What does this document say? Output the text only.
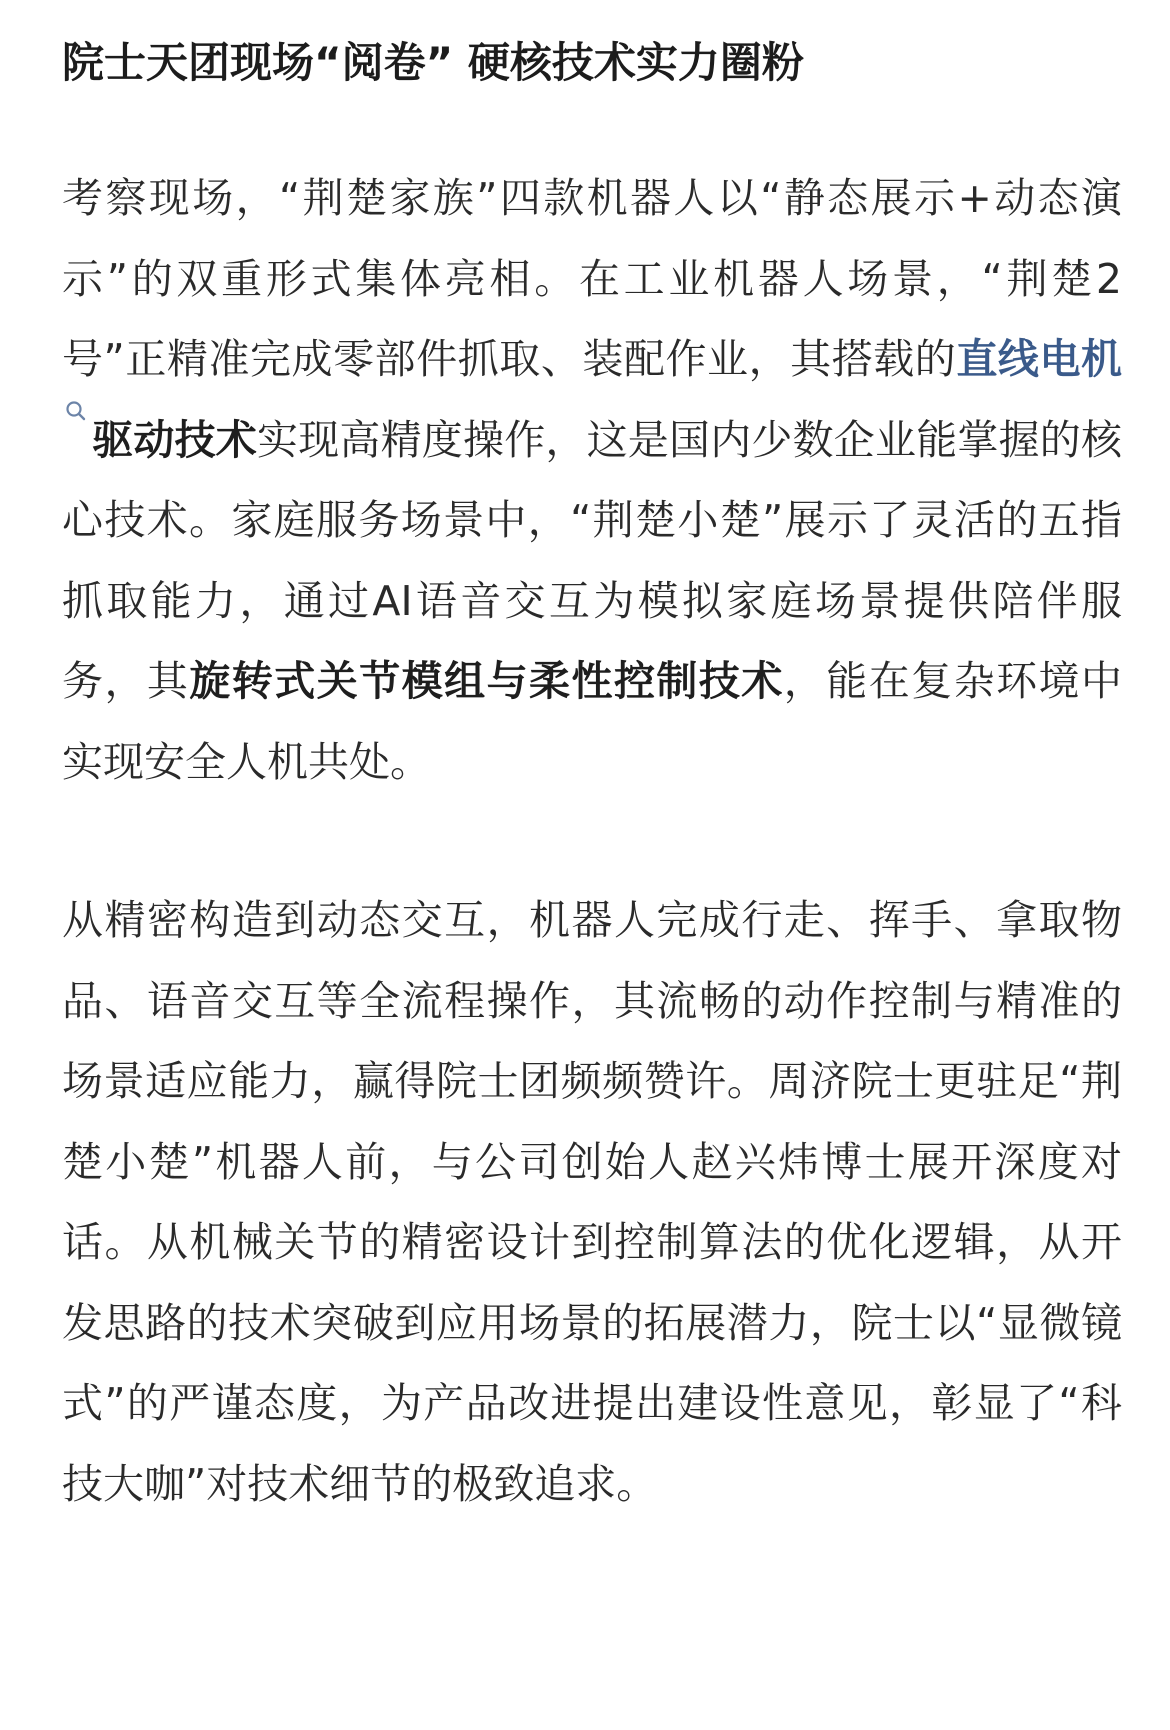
院士天团现场“阅卷” 硬核技术实力圈粉

考察现场，“荆楚家族”四款机器人以“静态展示+动态演示”的双重形式集体亮相。在工业机器人场景，“荆楚2号”正精准完成零部件抓取、装配作业，其搭载的直线电机驱动技术实现高精度操作，这是国内少数企业能掌握的核心技术。家庭服务场景中，“荆楚小楚”展示了灵活的五指抓取能力，通过AI语音交互为模拟家庭场景提供陪伴服务，其旋转式关节模组与柔性控制技术，能在复杂环境中实现安全人机共处。

从精密构造到动态交互，机器人完成行走、挥手、拿取物品、语音交互等全流程操作，其流畅的动作控制与精准的场景适应能力，赢得院士团频频赞许。周济院士更驻足“荆楚小楚”机器人前，与公司创始人赵兴炜博士展开深度对话。从机械关节的精密设计到控制算法的优化逻辑，从开发思路的技术突破到应用场景的拓展潜力，院士以“显微镜式”的严谨态度，为产品改进提出建设性意见，彰显了“科技大咖”对技术细节的极致追求。
